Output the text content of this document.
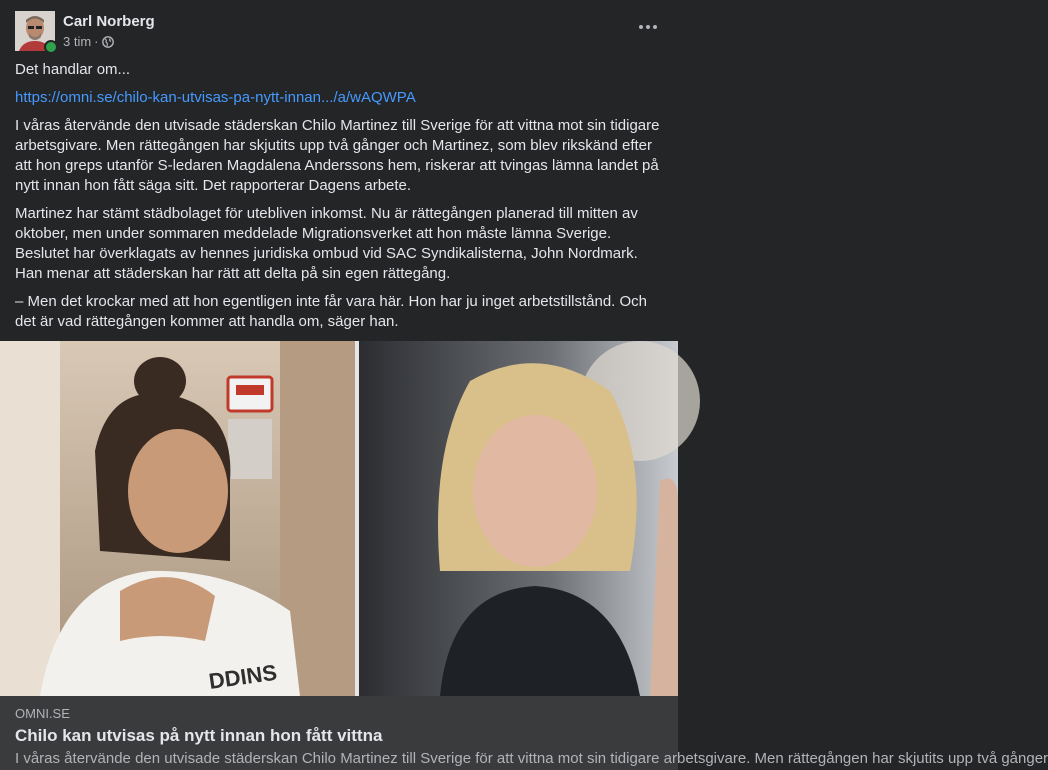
Carl Norberg
3 tim ·

Det handlar om...

https://omni.se/chilo-kan-utvisas-pa-nytt-innan.../a/wAQWPA

I våras återvände den utvisade städerskan Chilo Martinez till Sverige för att vittna mot sin tidigare arbetsgivare. Men rättegången har skjutits upp två gånger och Martinez, som blev rikskänd efter att hon greps utanför S-ledaren Magdalena Anderssons hem, riskerar att tvingas lämna landet på nytt innan hon fått säga sitt. Det rapporterar Dagens arbete.

Martinez har stämt städbolaget för utebliven inkomst. Nu är rättegången planerad till mitten av oktober, men under sommaren meddelade Migrationsverket att hon måste lämna Sverige. Beslutet har överklagats av hennes juridiska ombud vid SAC Syndikalisterna, John Nordmark. Han menar att städerskan har rätt att delta på sin egen rättegång.

– Men det krockar med att hon egentligen inte får vara här. Hon har ju inget arbetstillstånd. Och det är vad rättegången kommer att handla om, säger han.

DDINS
OMNI.SE
Chilo kan utvisas på nytt innan hon fått vittna
I våras återvände den utvisade städerskan Chilo Martinez till Sverige för att vittna mot sin tidigare arbetsgivare. Men rättegången har skjutits upp två gånger
